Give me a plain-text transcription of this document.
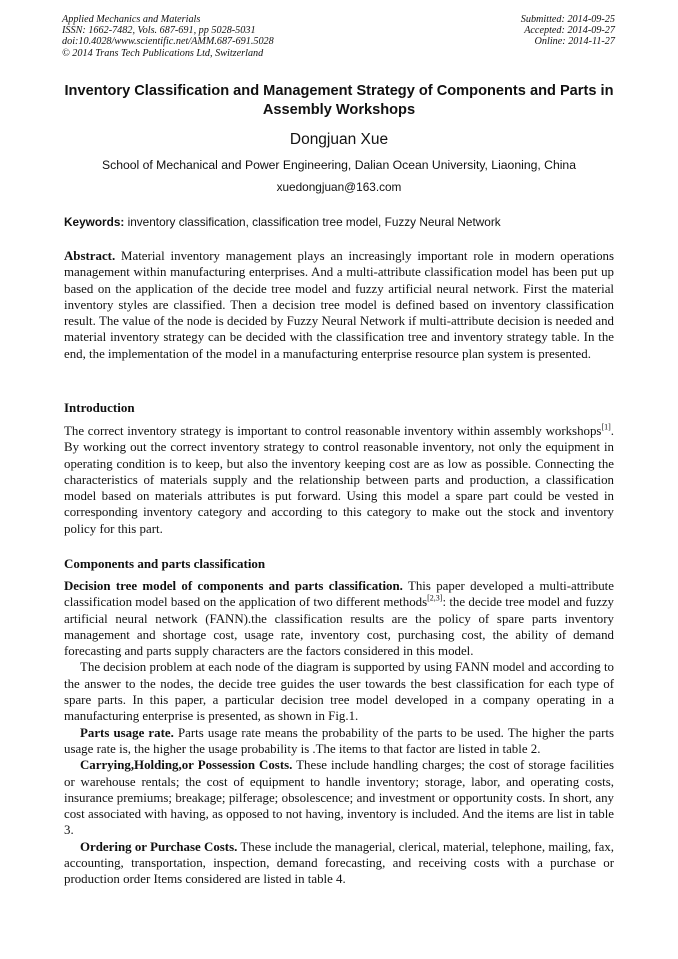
Applied Mechanics and Materials
ISSN: 1662-7482, Vols. 687-691, pp 5028-5031
doi:10.4028/www.scientific.net/AMM.687-691.5028
© 2014 Trans Tech Publications Ltd, Switzerland
Submitted: 2014-09-25
Accepted: 2014-09-27
Online: 2014-11-27
Inventory Classification and Management Strategy of Components and Parts in Assembly Workshops
Dongjuan Xue
School of Mechanical and Power Engineering, Dalian Ocean University, Liaoning, China
xuedongjuan@163.com
Keywords: inventory classification, classification tree model, Fuzzy Neural Network

Abstract. Material inventory management plays an increasingly important role in modern operations management within manufacturing enterprises. And a multi-attribute classification model has been put up based on the application of the decide tree model and fuzzy artificial neural network. First the material inventory styles are classified. Then a decision tree model is defined based on inventory classification result. The value of the node is decided by Fuzzy Neural Network if multi-attribute decision is needed and material inventory strategy can be decided with the classification tree and inventory strategy table. In the end, the implementation of the model in a manufacturing enterprise resource plan system is presented.

Introduction

The correct inventory strategy is important to control reasonable inventory within assembly workshops[1]. By working out the correct inventory strategy to control reasonable inventory, not only the equipment in operating condition is to keep, but also the inventory keeping cost are as low as possible. Connecting the characteristics of materials supply and the relationship between parts and production, a classification model based on materials attributes is put forward. Using this model a spare part could be vested in corresponding inventory category and according to this category to make out the stock and inventory policy for this part.

Components and parts classification

Decision tree model of components and parts classification. This paper developed a multi-attribute classification model based on the application of two different methods[2,3]: the decide tree model and fuzzy artificial neural network (FANN).the classification results are the policy of spare parts inventory management and shortage cost, usage rate, inventory cost, purchasing cost, the ability of demand forecasting and parts supply characters are the factors considered in this model.

The decision problem at each node of the diagram is supported by using FANN model and according to the answer to the nodes, the decide tree guides the user towards the best classification for each type of spare parts. In this paper, a particular decision tree model developed in a company operating in a manufacturing enterprise is presented, as shown in Fig.1.

Parts usage rate. Parts usage rate means the probability of the parts to be used. The higher the parts usage rate is, the higher the usage probability is .The items to that factor are listed in table 2.

Carrying,Holding,or Possession Costs. These include handling charges; the cost of storage facilities or warehouse rentals; the cost of equipment to handle inventory; storage, labor, and operating costs, insurance premiums; breakage; pilferage; obsolescence; and investment or opportunity costs. In short, any cost associated with having, as opposed to not having, inventory is included. And the items are list in table 3.

Ordering or Purchase Costs. These include the managerial, clerical, material, telephone, mailing, fax, accounting, transportation, inspection, demand forecasting, and receiving costs with a purchase or production order Items considered are listed in table 4.
